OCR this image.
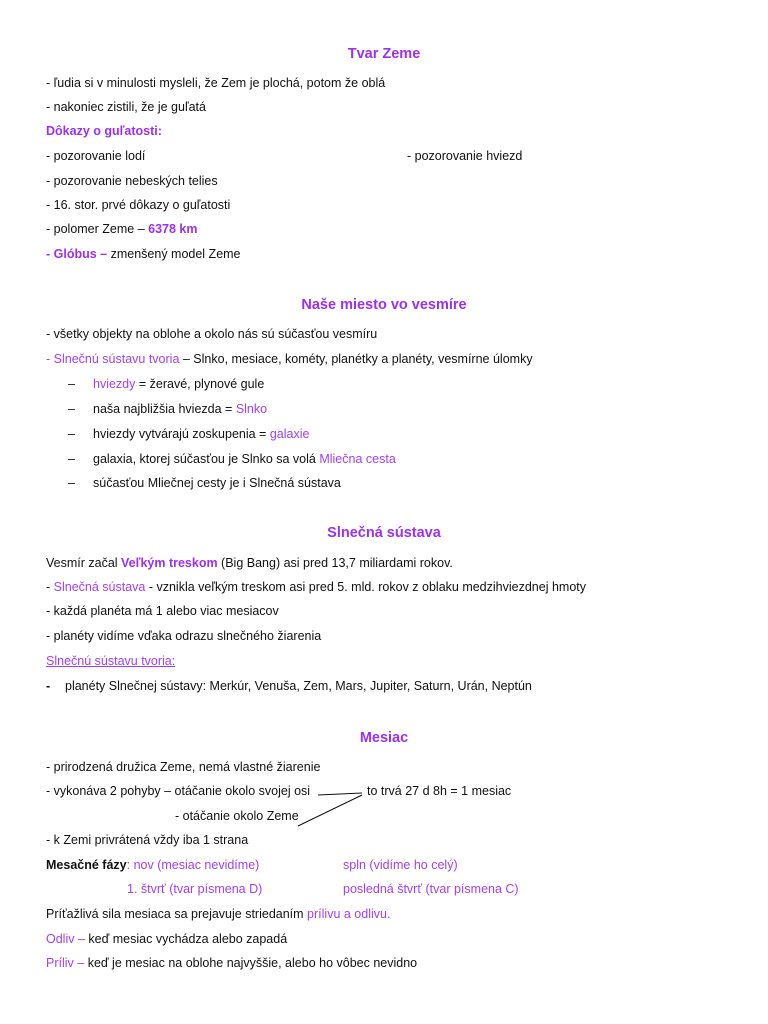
Tvar Zeme
- ľudia si v minulosti mysleli, že Zem je plochá, potom že oblá
- nakoniec zistili, že je guľatá
Dôkazy o guľatosti:
- pozorovanie lodí	- pozorovanie hviezd
- pozorovanie nebeských telies
- 16. stor. prvé dôkazy o guľatosti
- polomer Zeme – 6378 km
- Glóbus – zmenšený model Zeme
Naše miesto vo vesmíre
- všetky objekty na oblohe a okolo nás sú súčasťou vesmíru
- Slnečnú sústavu tvoria – Slnko, mesiace, kométy, planétky a planéty, vesmírne úlomky
– hviezdy = žeravé, plynové gule
– naša najbližšia hviezda = Slnko
– hviezdy vytvárajú zoskupenia = galaxie
– galaxia, ktorej súčasťou je Slnko sa volá Mliečna cesta
– súčasťou Mliečnej cesty je i Slnečná sústava
Slnečná sústava
Vesmír začal Veľkým treskom (Big Bang) asi pred 13,7 miliardami rokov.
- Slnečná sústava - vznikla veľkým treskom asi pred 5. mld. rokov z oblaku medzihviezdnej hmoty
- každá planéta má 1 alebo viac mesiacov
- planéty vidíme vďaka odrazu slnečného žiarenia
Slnečnú sústavu tvoria:
- planéty Slnečnej sústavy: Merkúr, Venuša, Zem, Mars, Jupiter, Saturn, Urán, Neptún
Mesiac
- prirodzená družica Zeme, nemá vlastné žiarenie
- vykonáva 2 pohyby – otáčanie okolo svojej osi	to trvá 27 d 8h = 1 mesiac
- otáčanie okolo Zeme
- k Zemi privrátená vždy iba 1 strana
Mesačné fázy: nov (mesiac nevidíme)	spln (vidíme ho celý)
1. štvrť (tvar písmena D)	posledná štvrť (tvar písmena C)
Príťažlivá sila mesiaca sa prejavuje striedaním prílivu a odlivu.
Odliv – keď mesiac vychádza alebo zapadá
Príliv – keď je mesiac na oblohe najvyššie, alebo ho vôbec nevidno
